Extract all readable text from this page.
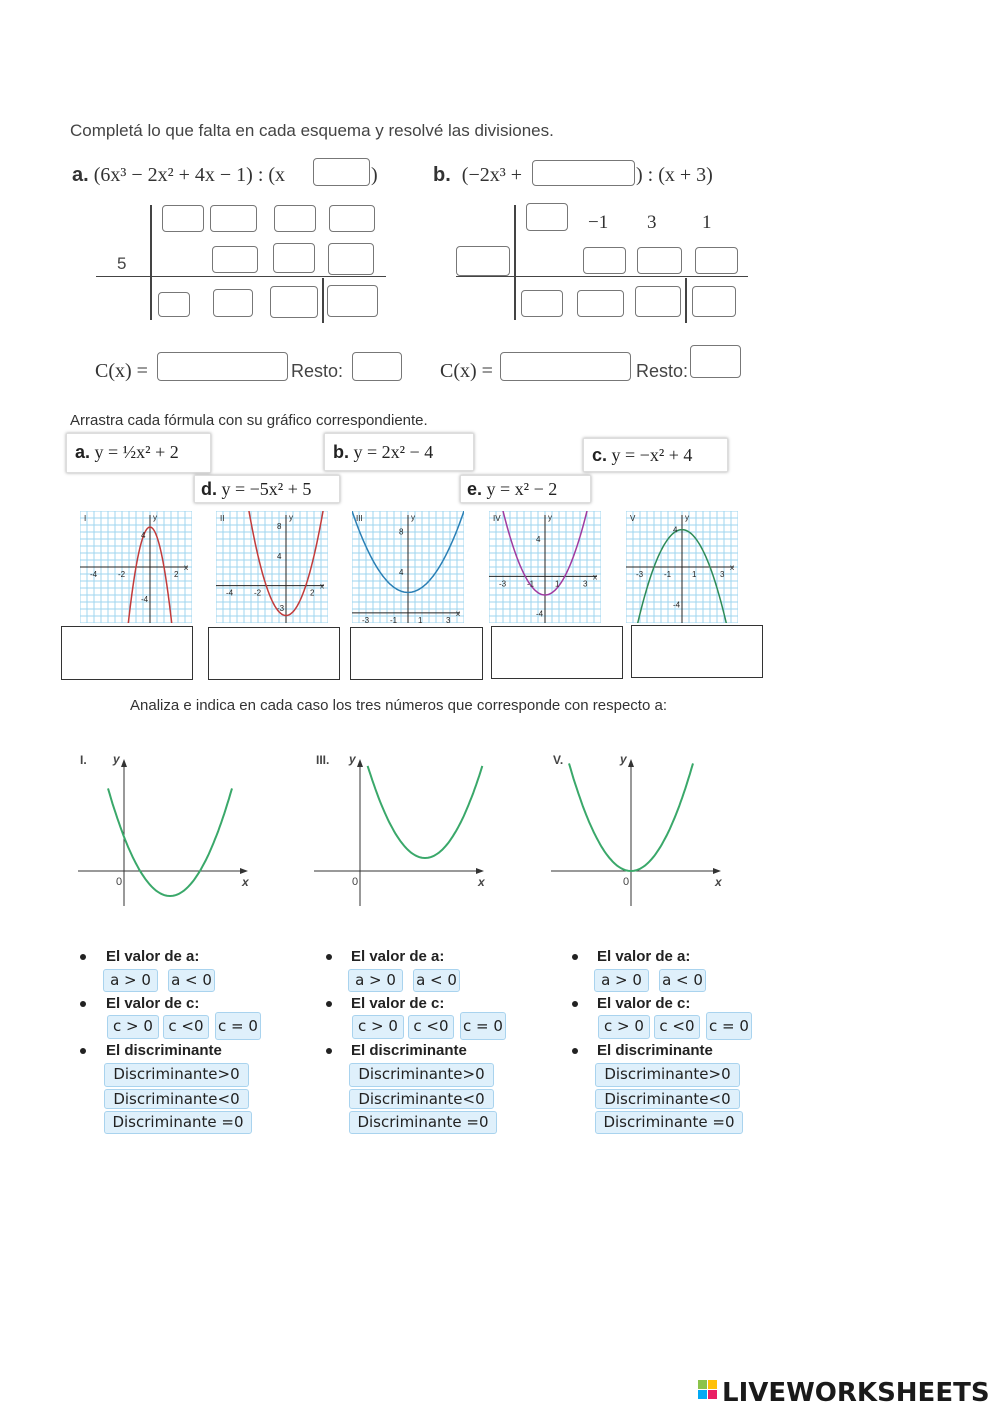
Completá lo que falta en cada esquema y resolvé las divisiones.
a. (6x³ − 2x² + 4x − 1) : (x	)
5
C(x) =	Resto:
b. (−2x³ +	) : (x + 3)
−1 3 1
C(x) =	Resto:
Arrastra cada fórmula con su gráfico correspondiente.
a. y = ½x² + 2	b. y = 2x² − 4	c. y = −x² + 4
d. y = −5x² + 5	e. y = x² − 2
I	y
x
-4	-2	2
4
-4
II	y
x
-4	-2	2
8
4
-3
III	y
x
-3	-1	1	3
8
4
IV	y
x
-3	-1	1	3
4
-4
V	y
x
-3	-1	1	3
4
-4
Analiza e indica en cada caso los tres números que corresponde con respecto a:
I. y
x
0
III. y
x
0
V.	y
x
0
El valor de a:
a > 0	a < 0
El valor de c:
c > 0	c <0 c = 0
El discriminante
Discriminante>0
Discriminante<0
Discriminante =0
El valor de a:
a > 0	a < 0
El valor de c:
c > 0	c <0 c = 0
El discriminante
Discriminante>0
Discriminante<0
Discriminante =0
El valor de a:
a > 0	a < 0
El valor de c:
c > 0	c <0 c = 0
El discriminante
Discriminante>0
Discriminante<0
Discriminante =0
LIVEWORKSHEETS
